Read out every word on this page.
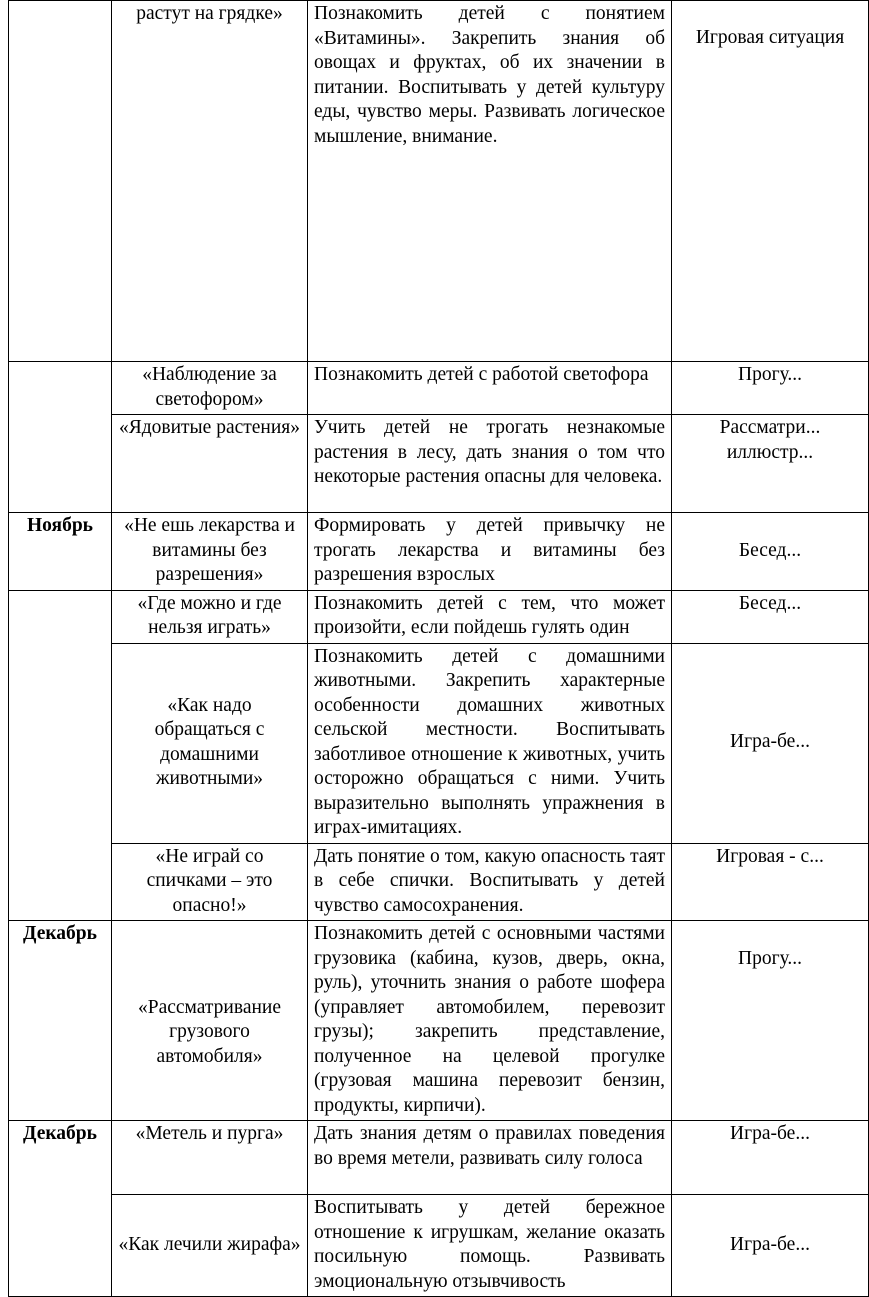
	растут на грядке»	Познакомить детей с понятием «Витамины». Закрепить знания об овощах и фруктах, об их значении в питании. Воспитывать у детей культуру еды, чувство меры. Развивать логическое мышление, внимание.	Игровая ситуация
	«Наблюдение за светофором»	Познакомить детей с работой светофора	Прогу...
	«Ядовитые растения»	Учить детей не трогать незнакомые растения в лесу, дать знания о том что некоторые растения опасны для человека.	Рассматри... иллюстр...
Ноябрь	«Не ешь лекарства и витамины без разрешения»	Формировать у детей привычку не трогать лекарства и витамины без разрешения взрослых	Бесед...
	«Где можно и где нельзя играть»	Познакомить детей с тем, что может произойти, если пойдешь гулять один	Бесед...
	«Как надо обращаться с домашними животными»	Познакомить детей с домашними животными. Закрепить характерные особенности домашних животных сельской местности. Воспитывать заботливое отношение к животных, учить осторожно обращаться с ними. Учить выразительно выполнять упражнения в играх-имитациях.	Игра-бе...
	«Не играй со спичками – это опасно!»	Дать понятие о том, какую опасность таят в себе спички. Воспитывать у детей чувство самосохранения.	Игровая - с...
Декабрь	«Рассматривание грузового автомобиля»	Познакомить детей с основными частями грузовика (кабина, кузов, дверь, окна, руль), уточнить знания о работе шофера (управляет автомобилем, перевозит грузы); закрепить представление, полученное на целевой прогулке (грузовая машина перевозит бензин, продукты, кирпичи).	Прогу...
Декабрь	«Метель и пурга»	Дать знания детям о правилах поведения во время метели, развивать силу голоса	Игра-бе...
	«Как лечили жирафа»	Воспитывать у детей бережное отношение к игрушкам, желание оказать посильную помощь. Развивать эмоциональную отзывчивость	Игра-бе...
